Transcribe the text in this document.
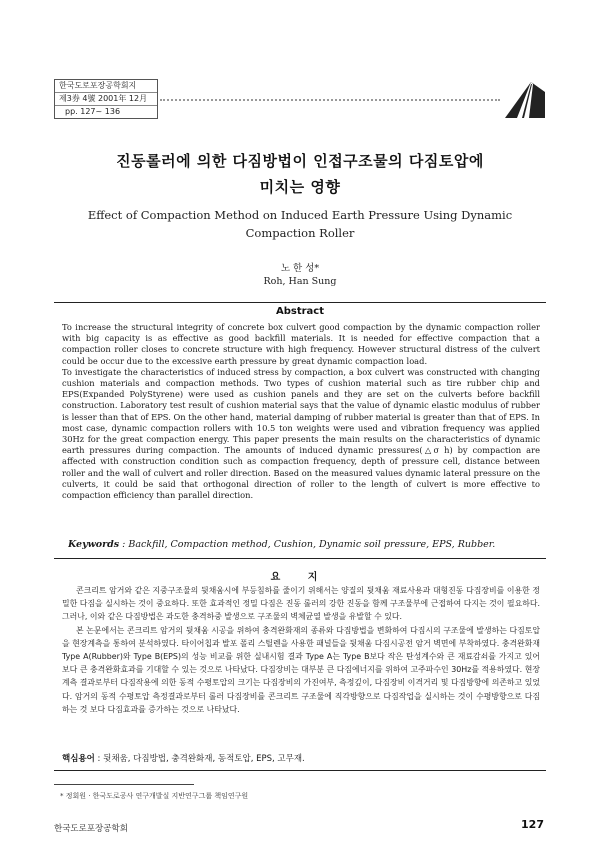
한국도로포장공학회지
제3券 4號 2001年 12月
pp. 127~ 136
진동롤러에 의한 다짐방법이 인접구조물의 다짐토압에
미치는 영향
Effect of Compaction Method on Induced Earth Pressure Using Dynamic
Compaction Roller
노 한 성*
Roh, Han Sung
Abstract

To increase the structural integrity of concrete box culvert good compaction by the dynamic compaction roller with big capacity is as effective as good backfill materials. It is needed for effective compaction that a compaction roller closes to concrete structure with high frequency. However structural distress of the culvert could be occur due to the excessive earth pressure by great dynamic compaction load.

To investigate the characteristics of induced stress by compaction, a box culvert was constructed with changing cushion materials and compaction methods. Two types of cushion material such as tire rubber chip and EPS(Expanded PolyStyrene) were used as cushion panels and they are set on the culverts before backfill construction. Laboratory test result of cushion material says that the value of dynamic elastic modulus of rubber is lesser than that of EPS. On the other hand, material damping of rubber material is greater than that of EPS. In most case, dynamic compaction rollers with 10.5 ton weights were used and vibration frequency was applied 30Hz for the great compaction energy. This paper presents the main results on the characteristics of dynamic earth pressures during compaction. The amounts of induced dynamic pressures(△σ h) by compaction are affected with construction condition such as compaction frequency, depth of pressure cell, distance between roller and the wall of culvert and roller direction. Based on the measured values dynamic lateral pressure on the culverts, it could be said that orthogonal direction of roller to the length of culvert is more effective to compaction efficiency than parallel direction.

Keywords : Backfill, Compaction method, Cushion, Dynamic soil pressure, EPS, Rubber.
요 지

콘크리트 암거와 같은 지중구조물의 뒷채움시에 부등침하를 줄이기 위해서는 양질의 뒷채움 재료사용과 대형진동 다짐장비를 이용한 정밀한 다짐을 실시하는 것이 중요하다. 또한 효과적인 정밀 다짐은 진동 롤러의 강한 진동을 함께 구조물부에 근접하여 다지는 것이 필요하다. 그러나, 이와 같은 다짐방법은 과도한 충격하중 발생으로 구조물의 벽체균열 발생을 유발할 수 있다.

본 논문에서는 콘크리트 암거의 뒷채움 시공을 위하여 충격완화재의 종류와 다짐방법을 변화하여 다짐시의 구조물에 발생하는 다짐토압을 현장계측을 통하여 분석하였다. 타이어칩과 발포 폴리 스틸렌을 사용한 패널들을 뒷채움 다짐시공전 암거 벽면에 부착하였다. 충격완화재 Type A(Rubber)와 Type B(EPS)의 성능 비교를 위한 실내시험 결과 Type A는 Type B보다 작은 탄성계수와 큰 재료감쇠를 가지고 있어 보다 큰 충격완화효과를 기대할 수 있는 것으로 나타났다. 다짐장비는 대부분 큰 다짐에너지를 위하여 고주파수인 30Hz를 적용하였다. 현장계측 결과로부터 다짐작용에 의한 동적 수평토압의 크기는 다짐장비의 가진여부, 측정깊이, 다짐장비 이격거리 및 다짐방향에 의존하고 있었다. 암거의 동적 수평토압 측정결과로부터 롤러 다짐장비를 콘크리트 구조물에 직각방향으로 다짐작업을 실시하는 것이 수평방향으로 다짐하는 것 보다 다짐효과를 증가하는 것으로 나타났다.

핵심용어 : 뒷채움, 다짐방법, 충격완화재, 동적토압, EPS, 고무재.
* 정회원 · 한국도로공사 연구개발실 지반연구그룹 책임연구원
한국도로포장공학회	127
